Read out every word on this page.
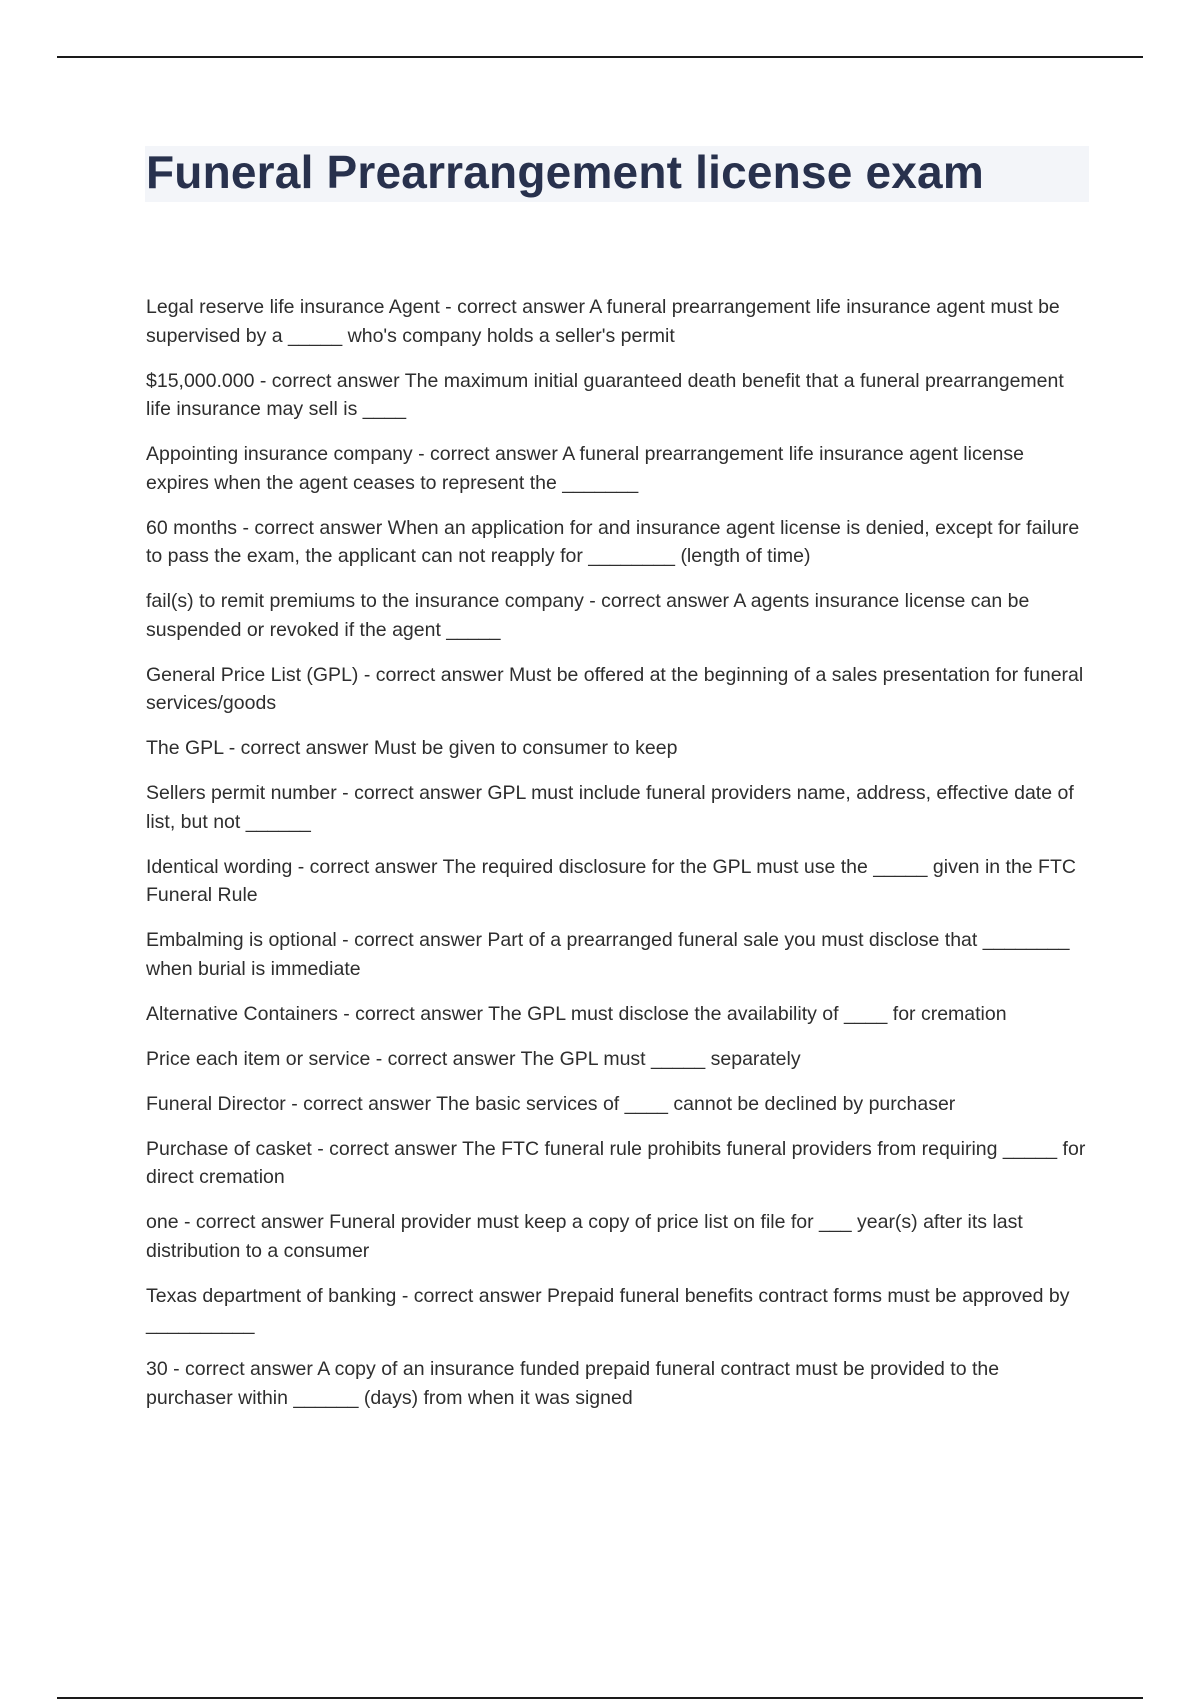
Funeral Prearrangement license exam
Legal reserve life insurance Agent - correct answer A funeral prearrangement life insurance agent must be supervised by a _____ who's company holds a seller's permit
$15,000.000 - correct answer The maximum initial guaranteed death benefit that a funeral prearrangement life insurance may sell is ____
Appointing insurance company - correct answer A funeral prearrangement life insurance agent license expires when the agent ceases to represent the _______
60 months - correct answer When an application for and insurance agent license is denied, except for failure to pass the exam, the applicant can not reapply for ________ (length of time)
fail(s) to remit premiums to the insurance company - correct answer A agents insurance license can be suspended or revoked if the agent _____
General Price List (GPL) - correct answer Must be offered at the beginning of a sales presentation for funeral services/goods
The GPL - correct answer Must be given to consumer to keep
Sellers permit number - correct answer GPL must include funeral providers name, address, effective date of list, but not ______
Identical wording - correct answer The required disclosure for the GPL must use the _____ given in the FTC Funeral Rule
Embalming is optional - correct answer Part of a prearranged funeral sale you must disclose that ________ when burial is immediate
Alternative Containers - correct answer The GPL must disclose the availability of ____ for cremation
Price each item or service - correct answer The GPL must _____ separately
Funeral Director - correct answer The basic services of ____ cannot be declined by purchaser
Purchase of casket - correct answer The FTC funeral rule prohibits funeral providers from requiring _____ for direct cremation
one - correct answer Funeral provider must keep a copy of price list on file for ___ year(s) after its last distribution to a consumer
Texas department of banking - correct answer Prepaid funeral benefits contract forms must be approved by __________
30 - correct answer A copy of an insurance funded prepaid funeral contract must be provided to the purchaser within ______ (days) from when it was signed
